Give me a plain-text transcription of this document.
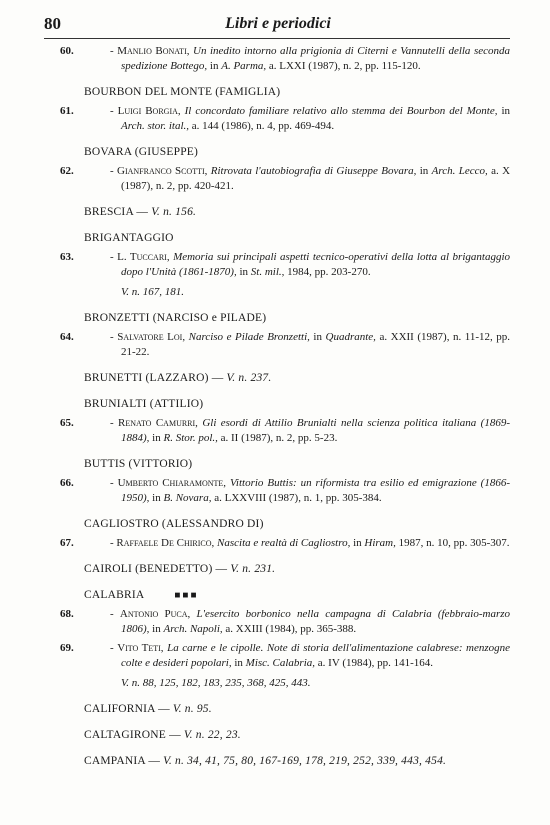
80	Libri e periodici
60.	- Manlio Bonati, Un inedito intorno alla prigionia di Citerni e Vannutelli della seconda spedizione Bottego, in A. Parma, a. LXXI (1987), n. 2, pp. 115-120.
BOURBON DEL MONTE (FAMIGLIA)
61.	- Luigi Borgia, Il concordato familiare relativo allo stemma dei Bourbon del Monte, in Arch. stor. ital., a. 144 (1986), n. 4, pp. 469-494.
BOVARA (GIUSEPPE)
62.	- Gianfranco Scotti, Ritrovata l'autobiografia di Giuseppe Bovara, in Arch. Lecco, a. X (1987), n. 2, pp. 420-421.
BRESCIA — V. n. 156.
BRIGANTAGGIO
63.	- L. Tuccari, Memoria sui principali aspetti tecnico-operativi della lotta al brigantaggio dopo l'Unità (1861-1870), in St. mil., 1984, pp. 203-270.
V. n. 167, 181.
BRONZETTI (NARCISO e PILADE)
64.	- Salvatore Loi, Narciso e Pilade Bronzetti, in Quadrante, a. XXII (1987), n. 11-12, pp. 21-22.
BRUNETTI (LAZZARO) — V. n. 237.
BRUNIALTI (ATTILIO)
65.	- Renato Camurri, Gli esordi di Attilio Brunialti nella scienza politica italiana (1869-1884), in R. Stor. pol., a. II (1987), n. 2, pp. 5-23.
BUTTIS (VITTORIO)
66.	- Umberto Chiaramonte, Vittorio Buttis: un riformista tra esilio ed emigrazione (1866-1950), in B. Novara, a. LXXVIII (1987), n. 1, pp. 305-384.
CAGLIOSTRO (ALESSANDRO DI)
67.	- Raffaele De Chirico, Nascita e realtà di Cagliostro, in Hiram, 1987, n. 10, pp. 305-307.
CAIROLI (BENEDETTO) — V. n. 231.
CALABRIA	■■■
68.	- Antonio Puca, L'esercito borbonico nella campagna di Calabria (febbraio-marzo 1806), in Arch. Napoli, a. XXIII (1984), pp. 365-388.
69.	- Vito Teti, La carne e le cipolle. Note di storia dell'alimentazione calabrese: menzogne colte e desideri popolari, in Misc. Calabria, a. IV (1984), pp. 141-164.
V. n. 88, 125, 182, 183, 235, 368, 425, 443.
CALIFORNIA — V. n. 95.
CALTAGIRONE — V. n. 22, 23.
CAMPANIA — V. n. 34, 41, 75, 80, 167-169, 178, 219, 252, 339, 443, 454.
